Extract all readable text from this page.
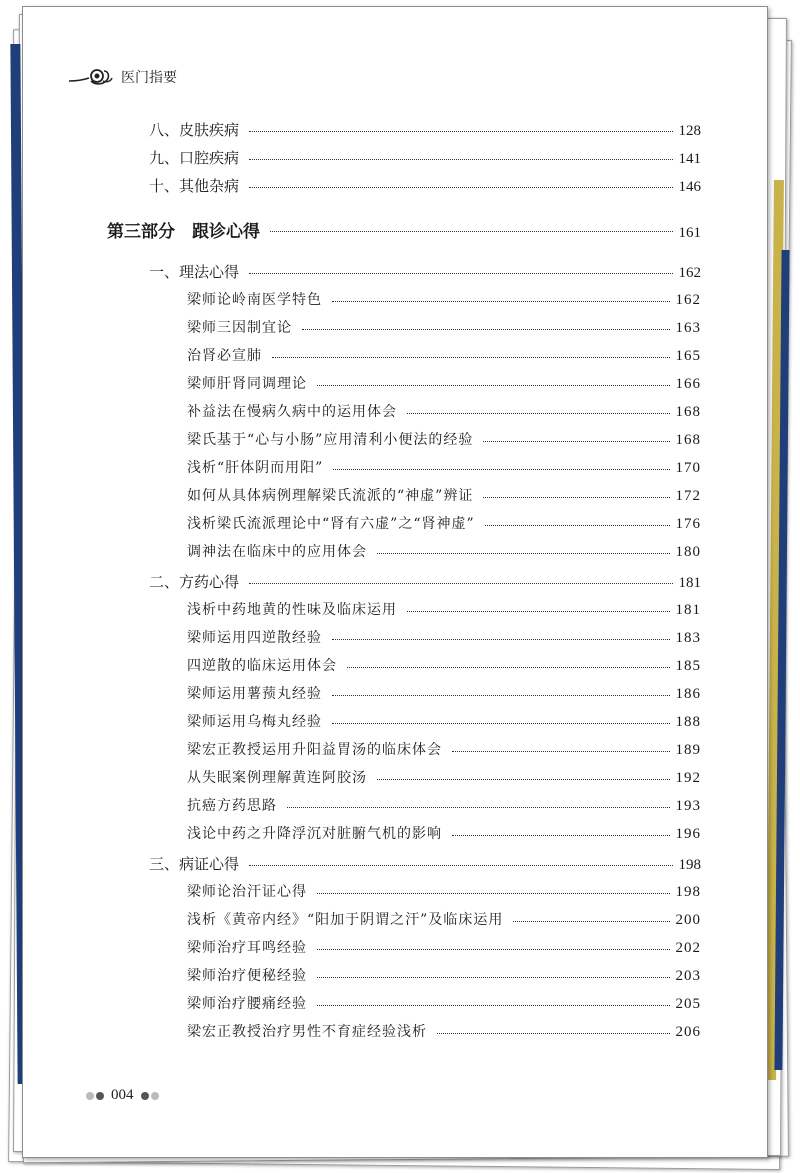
医门指要
八、皮肤疾病	128
九、口腔疾病	141
十、其他杂病	146
第三部分　跟诊心得	161
一、理法心得	162
梁师论岭南医学特色	162
梁师三因制宜论	163
治肾必宣肺	165
梁师肝肾同调理论	166
补益法在慢病久病中的运用体会	168
梁氏基于“心与小肠”应用清利小便法的经验	168
浅析“肝体阴而用阳”	170
如何从具体病例理解梁氏流派的“神虚”辨证	172
浅析梁氏流派理论中“肾有六虚”之“肾神虚”	176
调神法在临床中的应用体会	180
二、方药心得	181
浅析中药地黄的性味及临床运用	181
梁师运用四逆散经验	183
四逆散的临床运用体会	185
梁师运用薯蓣丸经验	186
梁师运用乌梅丸经验	188
梁宏正教授运用升阳益胃汤的临床体会	189
从失眠案例理解黄连阿胶汤	192
抗癌方药思路	193
浅论中药之升降浮沉对脏腑气机的影响	196
三、病证心得	198
梁师论治汗证心得	198
浅析《黄帝内经》“阳加于阴谓之汗”及临床运用	200
梁师治疗耳鸣经验	202
梁师治疗便秘经验	203
梁师治疗腰痛经验	205
梁宏正教授治疗男性不育症经验浅析	206
004
